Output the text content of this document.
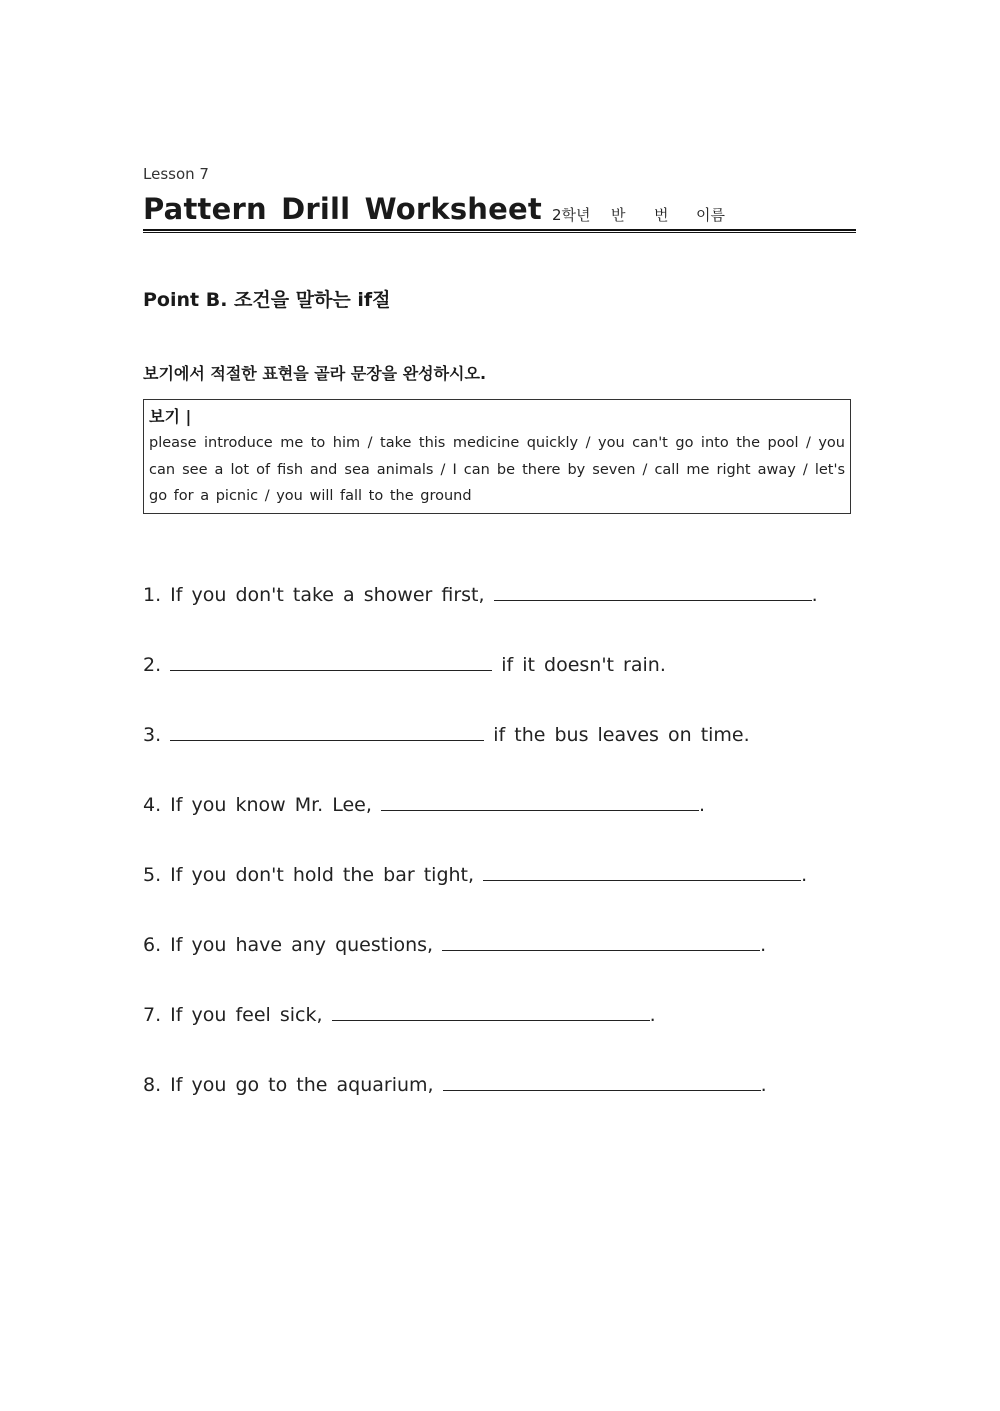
Lesson 7
Pattern Drill Worksheet 2학년	반	번	이름
Point B. 조건을 말하는 if절
보기에서 적절한 표현을 골라 문장을 완성하시오.
보기 |
please introduce me to him / take this medicine quickly / you can't go into the pool / you can see a lot of fish and sea animals / I can be there by seven / call me right away / let's go for a picnic / you will fall to the ground
1. If you don't take a shower first,	.
2.	if it doesn't rain.
3.	if the bus leaves on time.
4. If you know Mr. Lee,	.
5. If you don't hold the bar tight,	.
6. If you have any questions,	.
7. If you feel sick,	.
8. If you go to the aquarium,	.
